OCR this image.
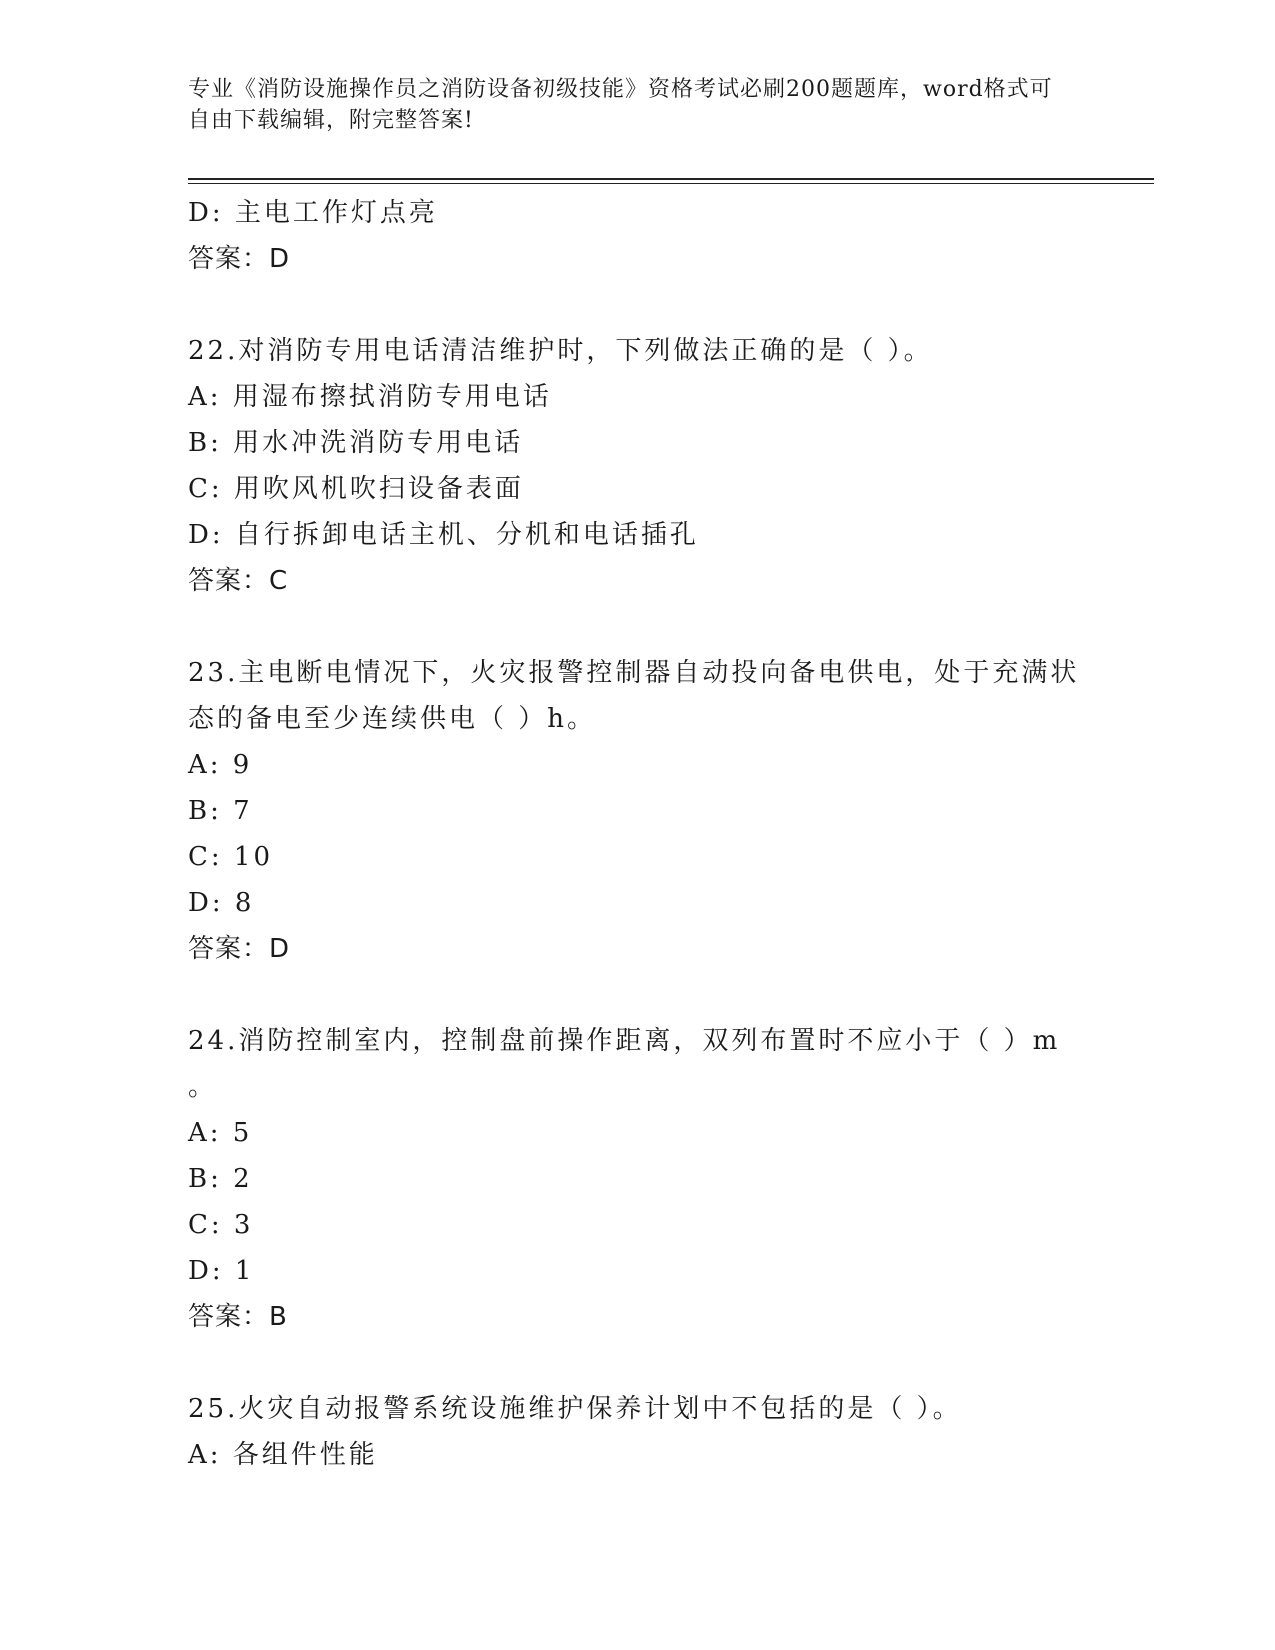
专业《消防设施操作员之消防设备初级技能》资格考试必刷200题题库，word格式可自由下载编辑，附完整答案!
D: 主电工作灯点亮
答案：D
22.对消防专用电话清洁维护时，下列做法正确的是（ ）。
A: 用湿布擦拭消防专用电话
B: 用水冲洗消防专用电话
C: 用吹风机吹扫设备表面
D: 自行拆卸电话主机、分机和电话插孔
答案：C
23.主电断电情况下，火灾报警控制器自动投向备电供电，处于充满状
态的备电至少连续供电（ ）h。
A: 9
B: 7
C: 10
D: 8
答案：D
24.消防控制室内，控制盘前操作距离，双列布置时不应小于（ ）m
。
A: 5
B: 2
C: 3
D: 1
答案：B
25.火灾自动报警系统设施维护保养计划中不包括的是（ ）。
A: 各组件性能
